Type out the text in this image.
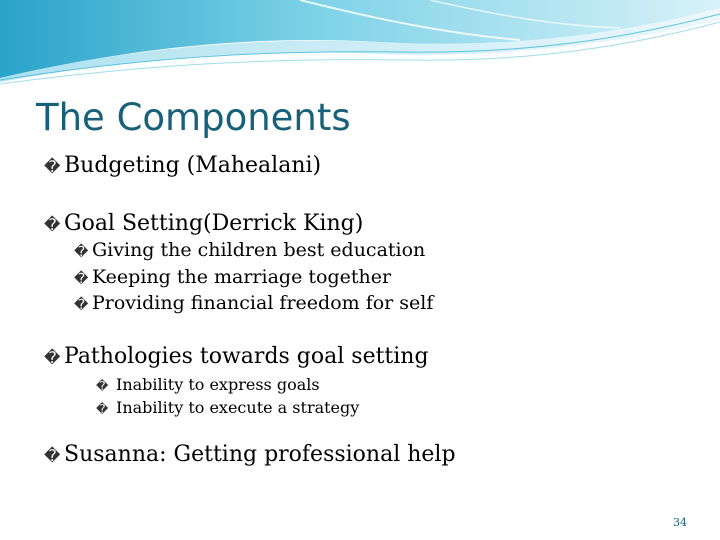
The Components
� Budgeting (Mahealani)
� Goal Setting(Derrick King)
� Giving the children best education
� Keeping the marriage together
� Providing financial freedom for self
� Pathologies towards goal setting
� Inability to express goals
� Inability to execute a strategy
� Susanna: Getting professional help
34
